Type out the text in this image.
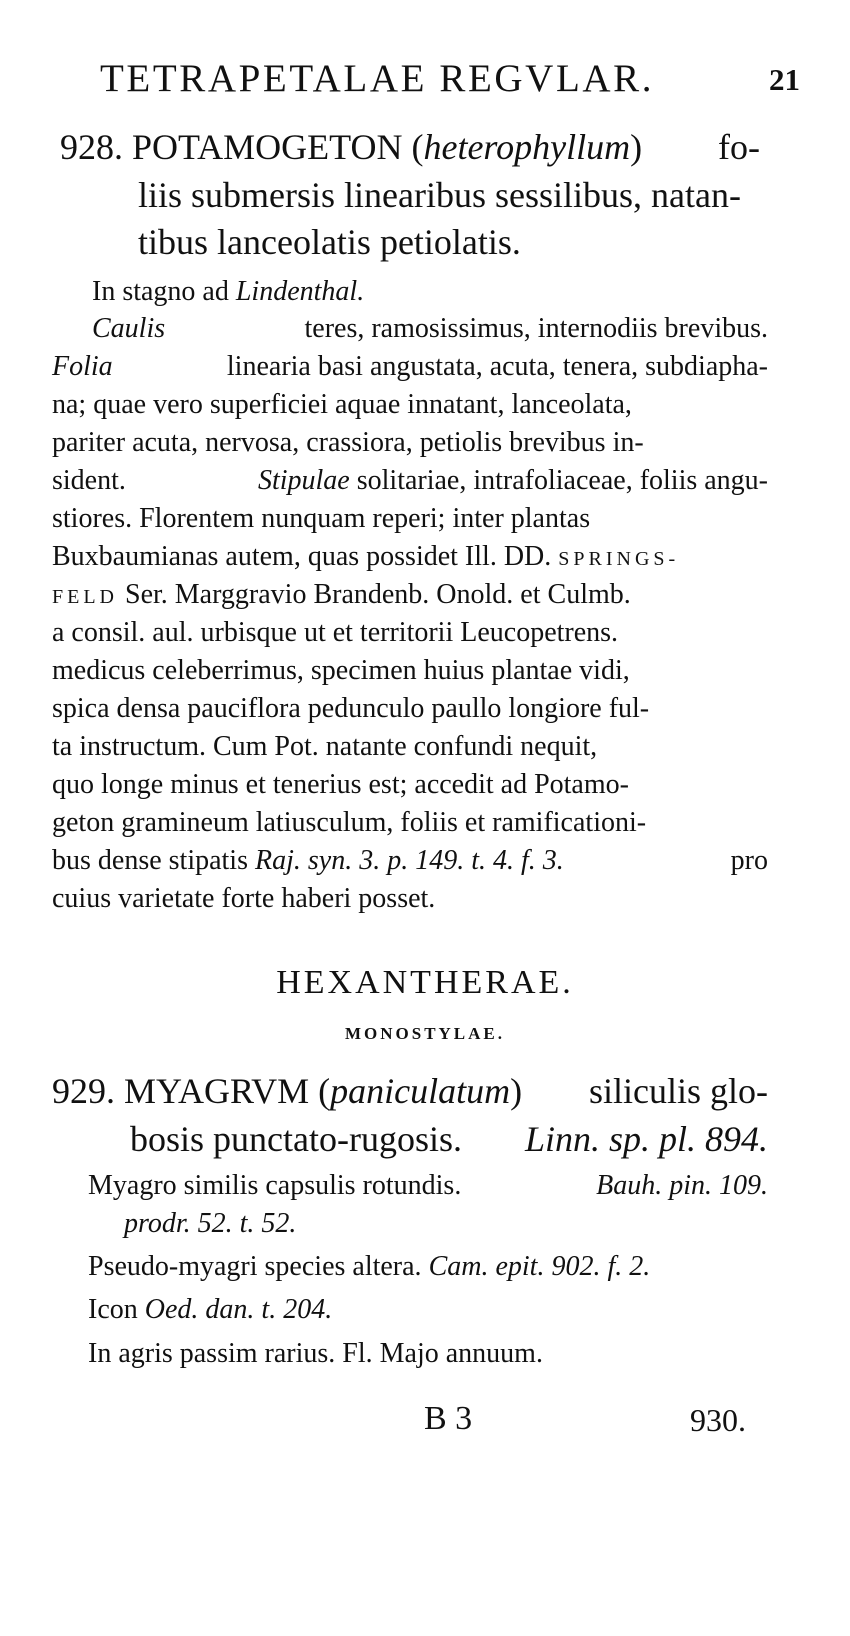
TETRAPETALAE REGVLAR.	21
928. POTAMOGETON (heterophyllum) fo-
liis submersis linearibus sessilibus, natan-
tibus lanceolatis petiolatis.
In stagno ad Lindenthal.
Caulis	teres, ramosissimus, internodiis brevibus.
Folia	linearia basi angustata, acuta, tenera, subdiapha-
na; quae vero superficiei aquae innatant, lanceolata,
pariter acuta, nervosa, crassiora, petiolis brevibus in-
sident.	Stipulae solitariae, intrafoliaceae, foliis angu-
stiores. Florentem nunquam reperi; inter plantas
Buxbaumianas autem, quas possidet Ill. DD. SPRINGS-
FELD Ser. Marggravio Brandenb. Onold. et Culmb.
a consil. aul. urbisque ut et territorii Leucopetrens.
medicus celeberrimus, specimen huius plantae vidi,
spica densa pauciflora pedunculo paullo longiore ful-
ta instructum. Cum Pot. natante confundi nequit,
quo longe minus et tenerius est; accedit ad Potamo-
geton gramineum latiusculum, foliis et ramificationi-
bus dense stipatis Raj. syn. 3. p. 149. t. 4. f. 3.	pro
cuius varietate forte haberi posset.
HEXANTHERAE.
MONOSTYLAE.
929. MYAGRVM (paniculatum) siliculis glo-
bosis punctato-rugosis. Linn. sp. pl. 894.
Myagro similis capsulis rotundis.	Bauh. pin. 109.
prodr. 52. t. 52.
Pseudo-myagri species altera. Cam. epit. 902. f. 2.
Icon Oed. dan. t. 204.
In agris passim rarius. Fl. Majo annuum.
B 3	930.
